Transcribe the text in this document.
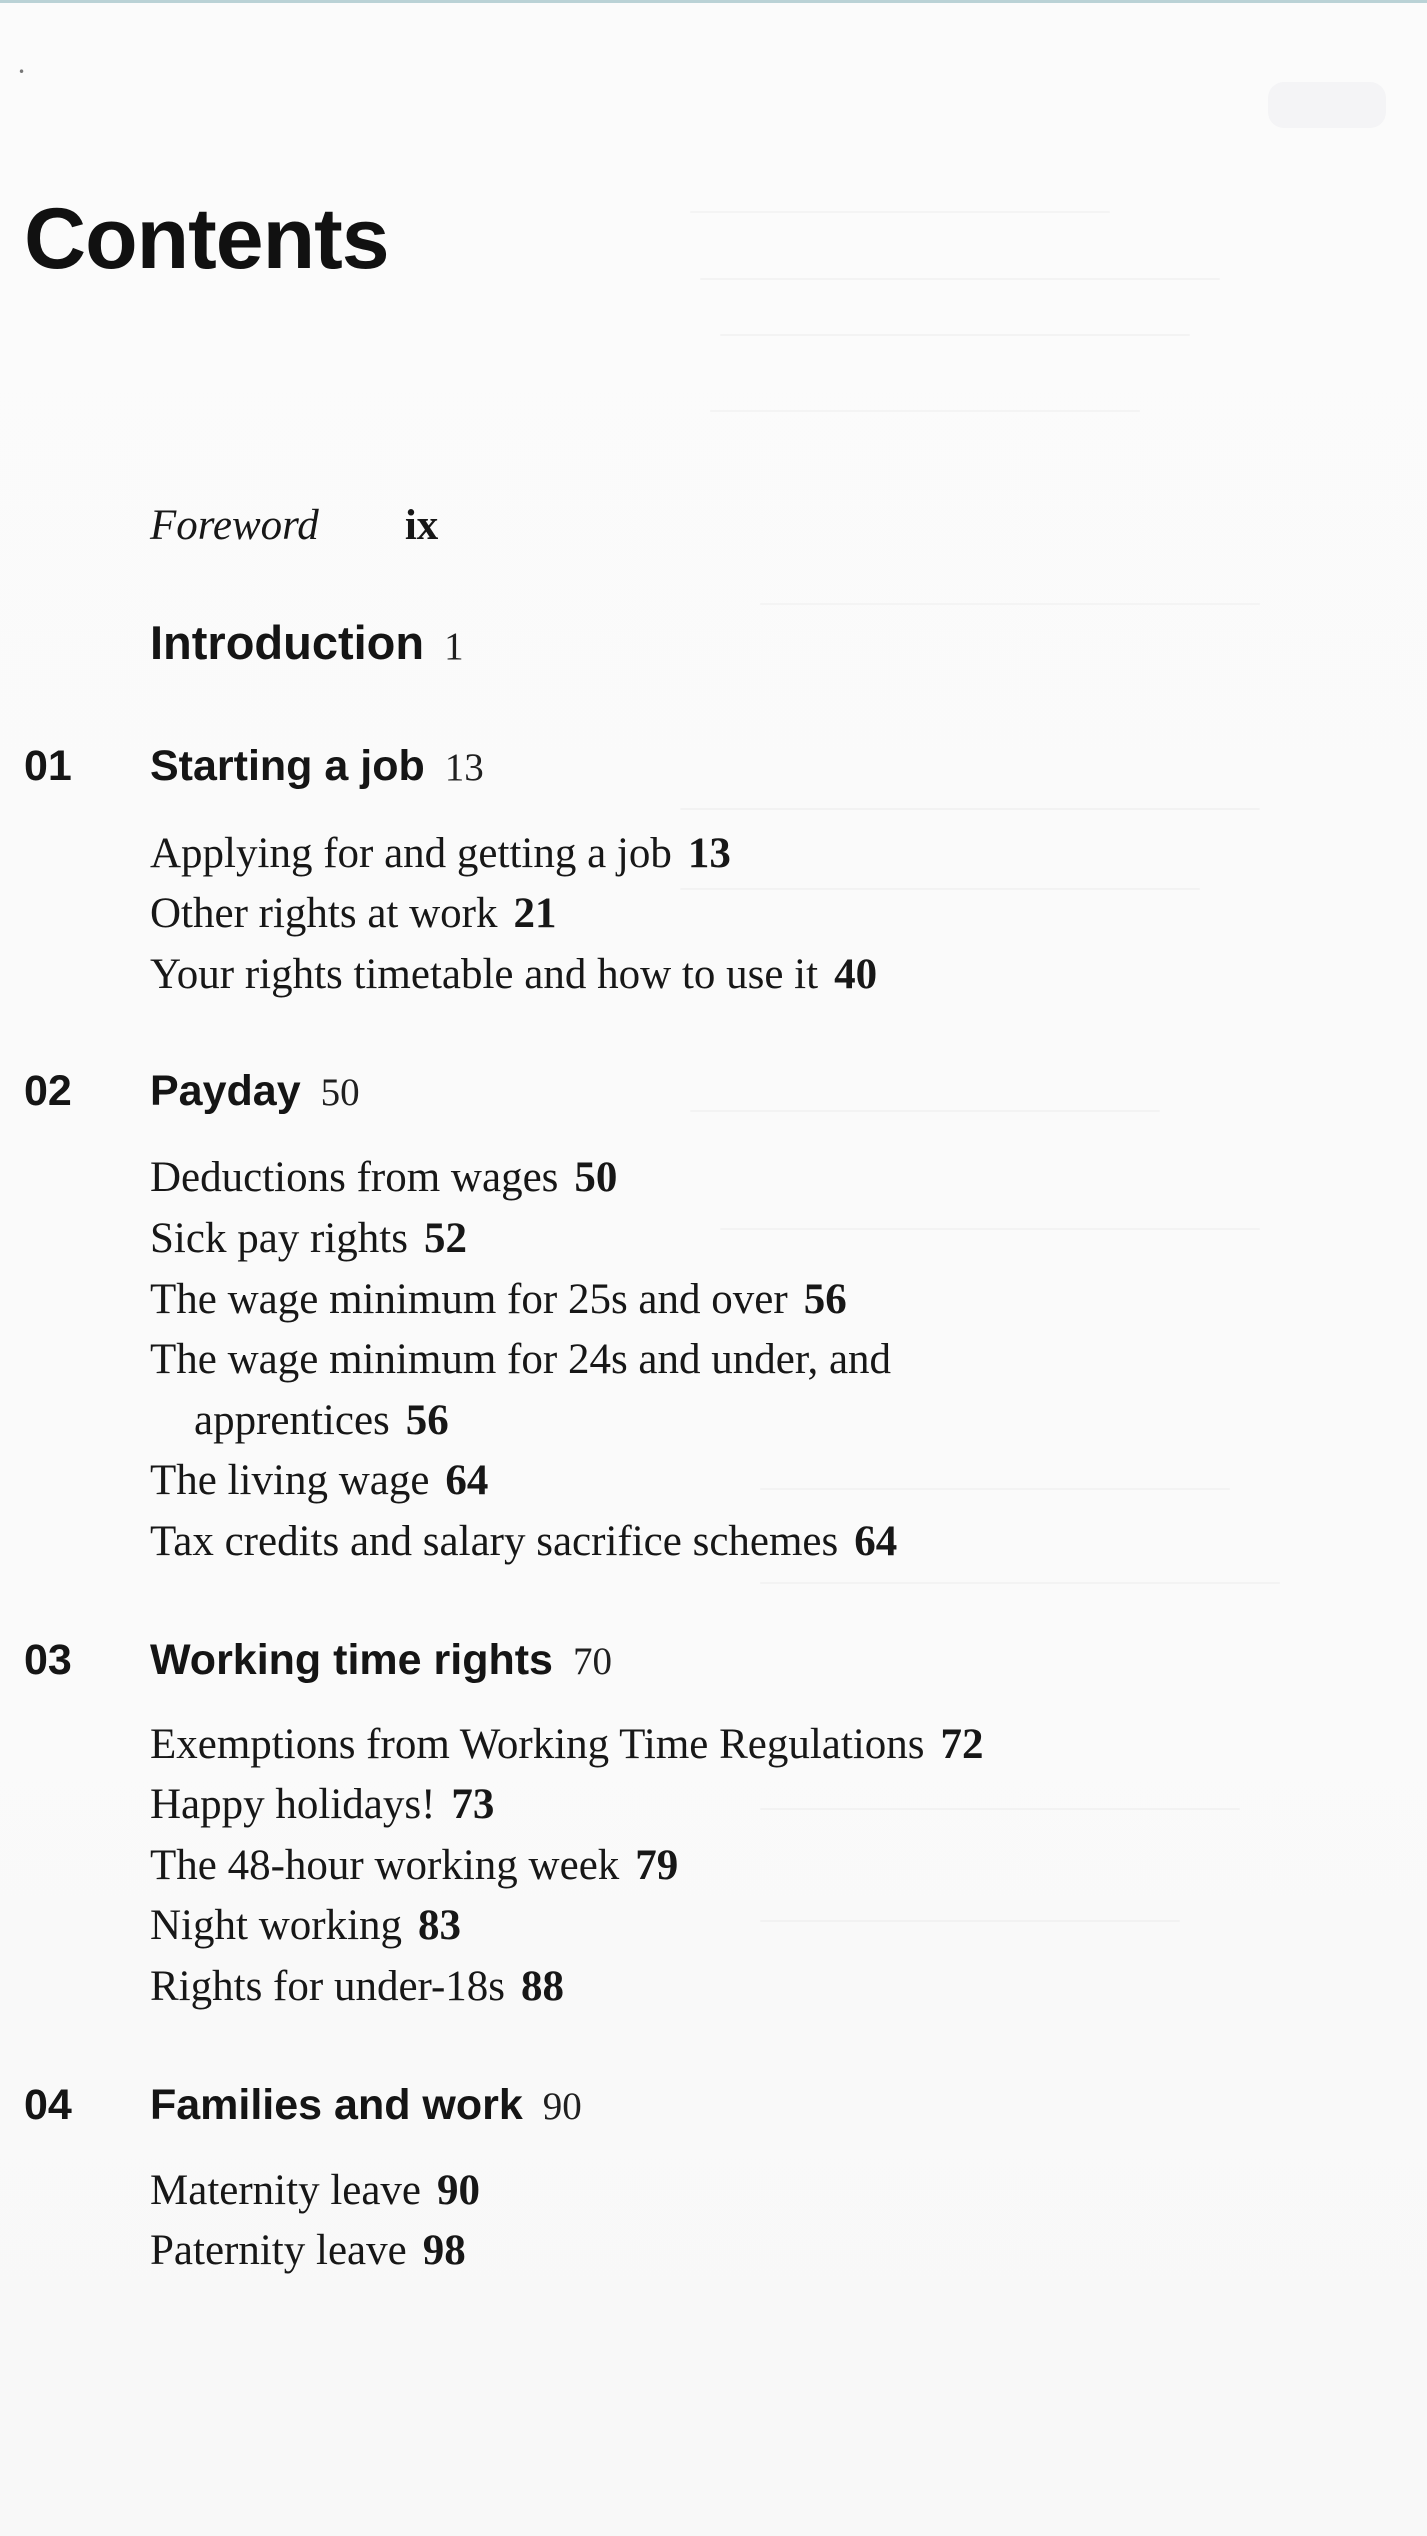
•
Contents
Foreword ix
Introduction 1
01 Starting a job 13
Applying for and getting a job 13
Other rights at work 21
Your rights timetable and how to use it 40
02 Payday 50
Deductions from wages 50
Sick pay rights 52
The wage minimum for 25s and over 56
The wage minimum for 24s and under, and
apprentices 56
The living wage 64
Tax credits and salary sacrifice schemes 64
03 Working time rights 70
Exemptions from Working Time Regulations 72
Happy holidays! 73
The 48-hour working week 79
Night working 83
Rights for under-18s 88
04 Families and work 90
Maternity leave 90
Paternity leave 98
